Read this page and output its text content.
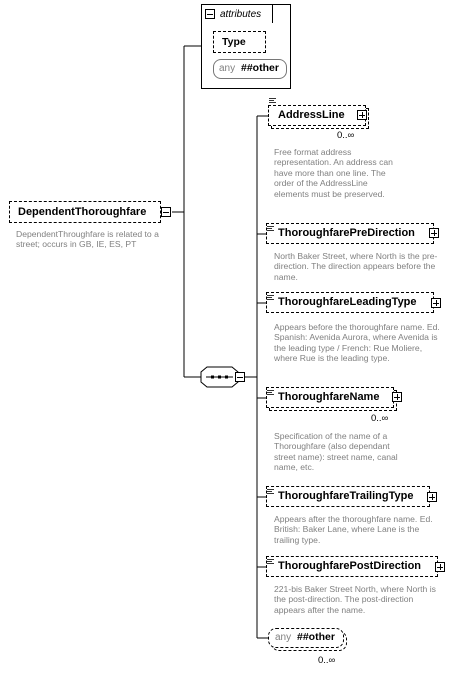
DependentThoroughfare
DependentThroughfare is related to a street; occurs in GB, IE, ES, PT
attributes
Type
any ##other
AddressLine
0..∞
Free format address representation. An address can have more than one line. The order of the AddressLine elements must be preserved.
ThoroughfarePreDirection
North Baker Street, where North is the pre-direction. The direction appears before the name.
ThoroughfareLeadingType
Appears before the thoroughfare name. Ed. Spanish: Avenida Aurora, where Avenida is the leading type / French: Rue Moliere, where Rue is the leading type.
ThoroughfareName
0..∞
Specification of the name of a Thoroughfare (also dependant street name): street name, canal name, etc.
ThoroughfareTrailingType
Appears after the thoroughfare name. Ed. British: Baker Lane, where Lane is the trailing type.
ThoroughfarePostDirection
221-bis Baker Street North, where North is the post-direction. The post-direction appears after the name.
any ##other
0..∞
